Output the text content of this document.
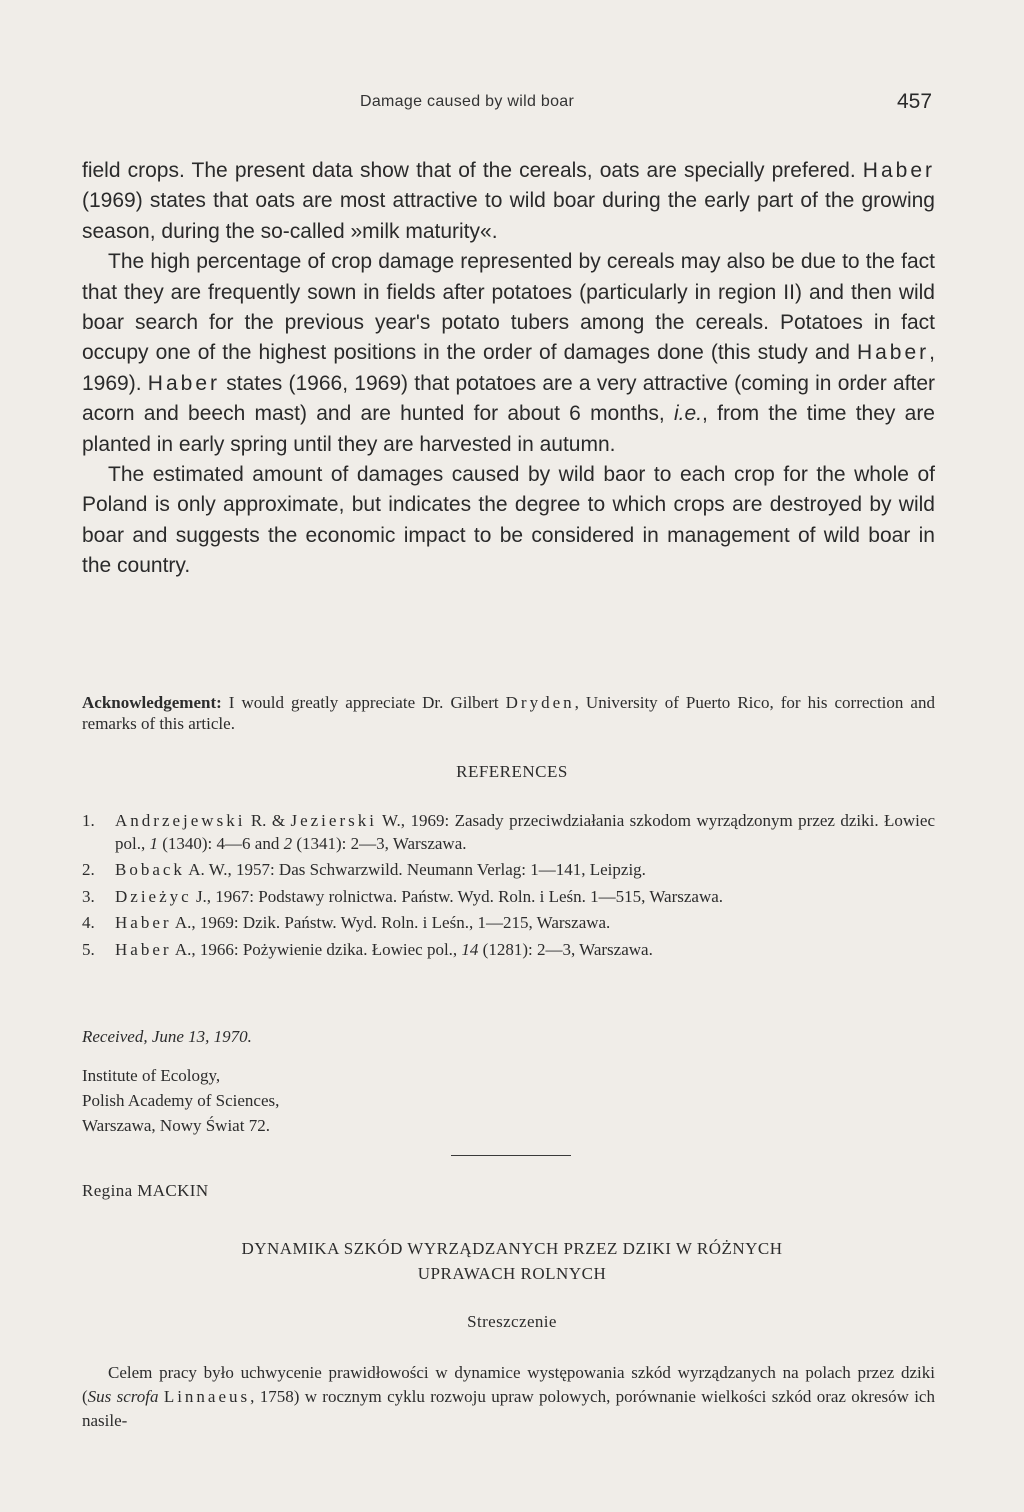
Damage caused by wild boar	457

field crops. The present data show that of the cereals, oats are specially prefered. Haber (1969) states that oats are most attractive to wild boar during the early part of the growing season, during the so-called »milk maturity«.

The high percentage of crop damage represented by cereals may also be due to the fact that they are frequently sown in fields after potatoes (particularly in region II) and then wild boar search for the previous year's potato tubers among the cereals. Potatoes in fact occupy one of the highest positions in the order of damages done (this study and Haber, 1969). Haber states (1966, 1969) that potatoes are a very attractive (coming in order after acorn and beech mast) and are hunted for about 6 months, i.e., from the time they are planted in early spring until they are harvested in autumn.

The estimated amount of damages caused by wild baor to each crop for the whole of Poland is only approximate, but indicates the degree to which crops are destroyed by wild boar and suggests the economic impact to be considered in management of wild boar in the country.

Acknowledgement: I would greatly appreciate Dr. Gilbert Dryden, University of Puerto Rico, for his correction and remarks of this article.
REFERENCES
1. Andrzejewski R. & Jezierski W., 1969: Zasady przeciwdziałania szkodom wyrządzonym przez dziki. Łowiec pol., 1 (1340): 4—6 and 2 (1341): 2—3, Warszawa.
2. Boback A. W., 1957: Das Schwarzwild. Neumann Verlag: 1—141, Leipzig.
3. Dzieżyc J., 1967: Podstawy rolnictwa. Państw. Wyd. Roln. i Leśn. 1—515, Warszawa.
4. Haber A., 1969: Dzik. Państw. Wyd. Roln. i Leśn., 1—215, Warszawa.
5. Haber A., 1966: Pożywienie dzika. Łowiec pol., 14 (1281): 2—3, Warszawa.
Received, June 13, 1970.
Institute of Ecology,
Polish Academy of Sciences,
Warszawa, Nowy Świat 72.
Regina MACKIN
DYNAMIKA SZKÓD WYRZĄDZANYCH PRZEZ DZIKI W RÓŻNYCH
UPRAWACH ROLNYCH
Streszczenie
Celem pracy było uchwycenie prawidłowości w dynamice występowania szkód wyrządzanych na polach przez dziki (Sus scrofa Linnaeus, 1758) w rocznym cyklu rozwoju upraw polowych, porównanie wielkości szkód oraz okresów ich nasile-
